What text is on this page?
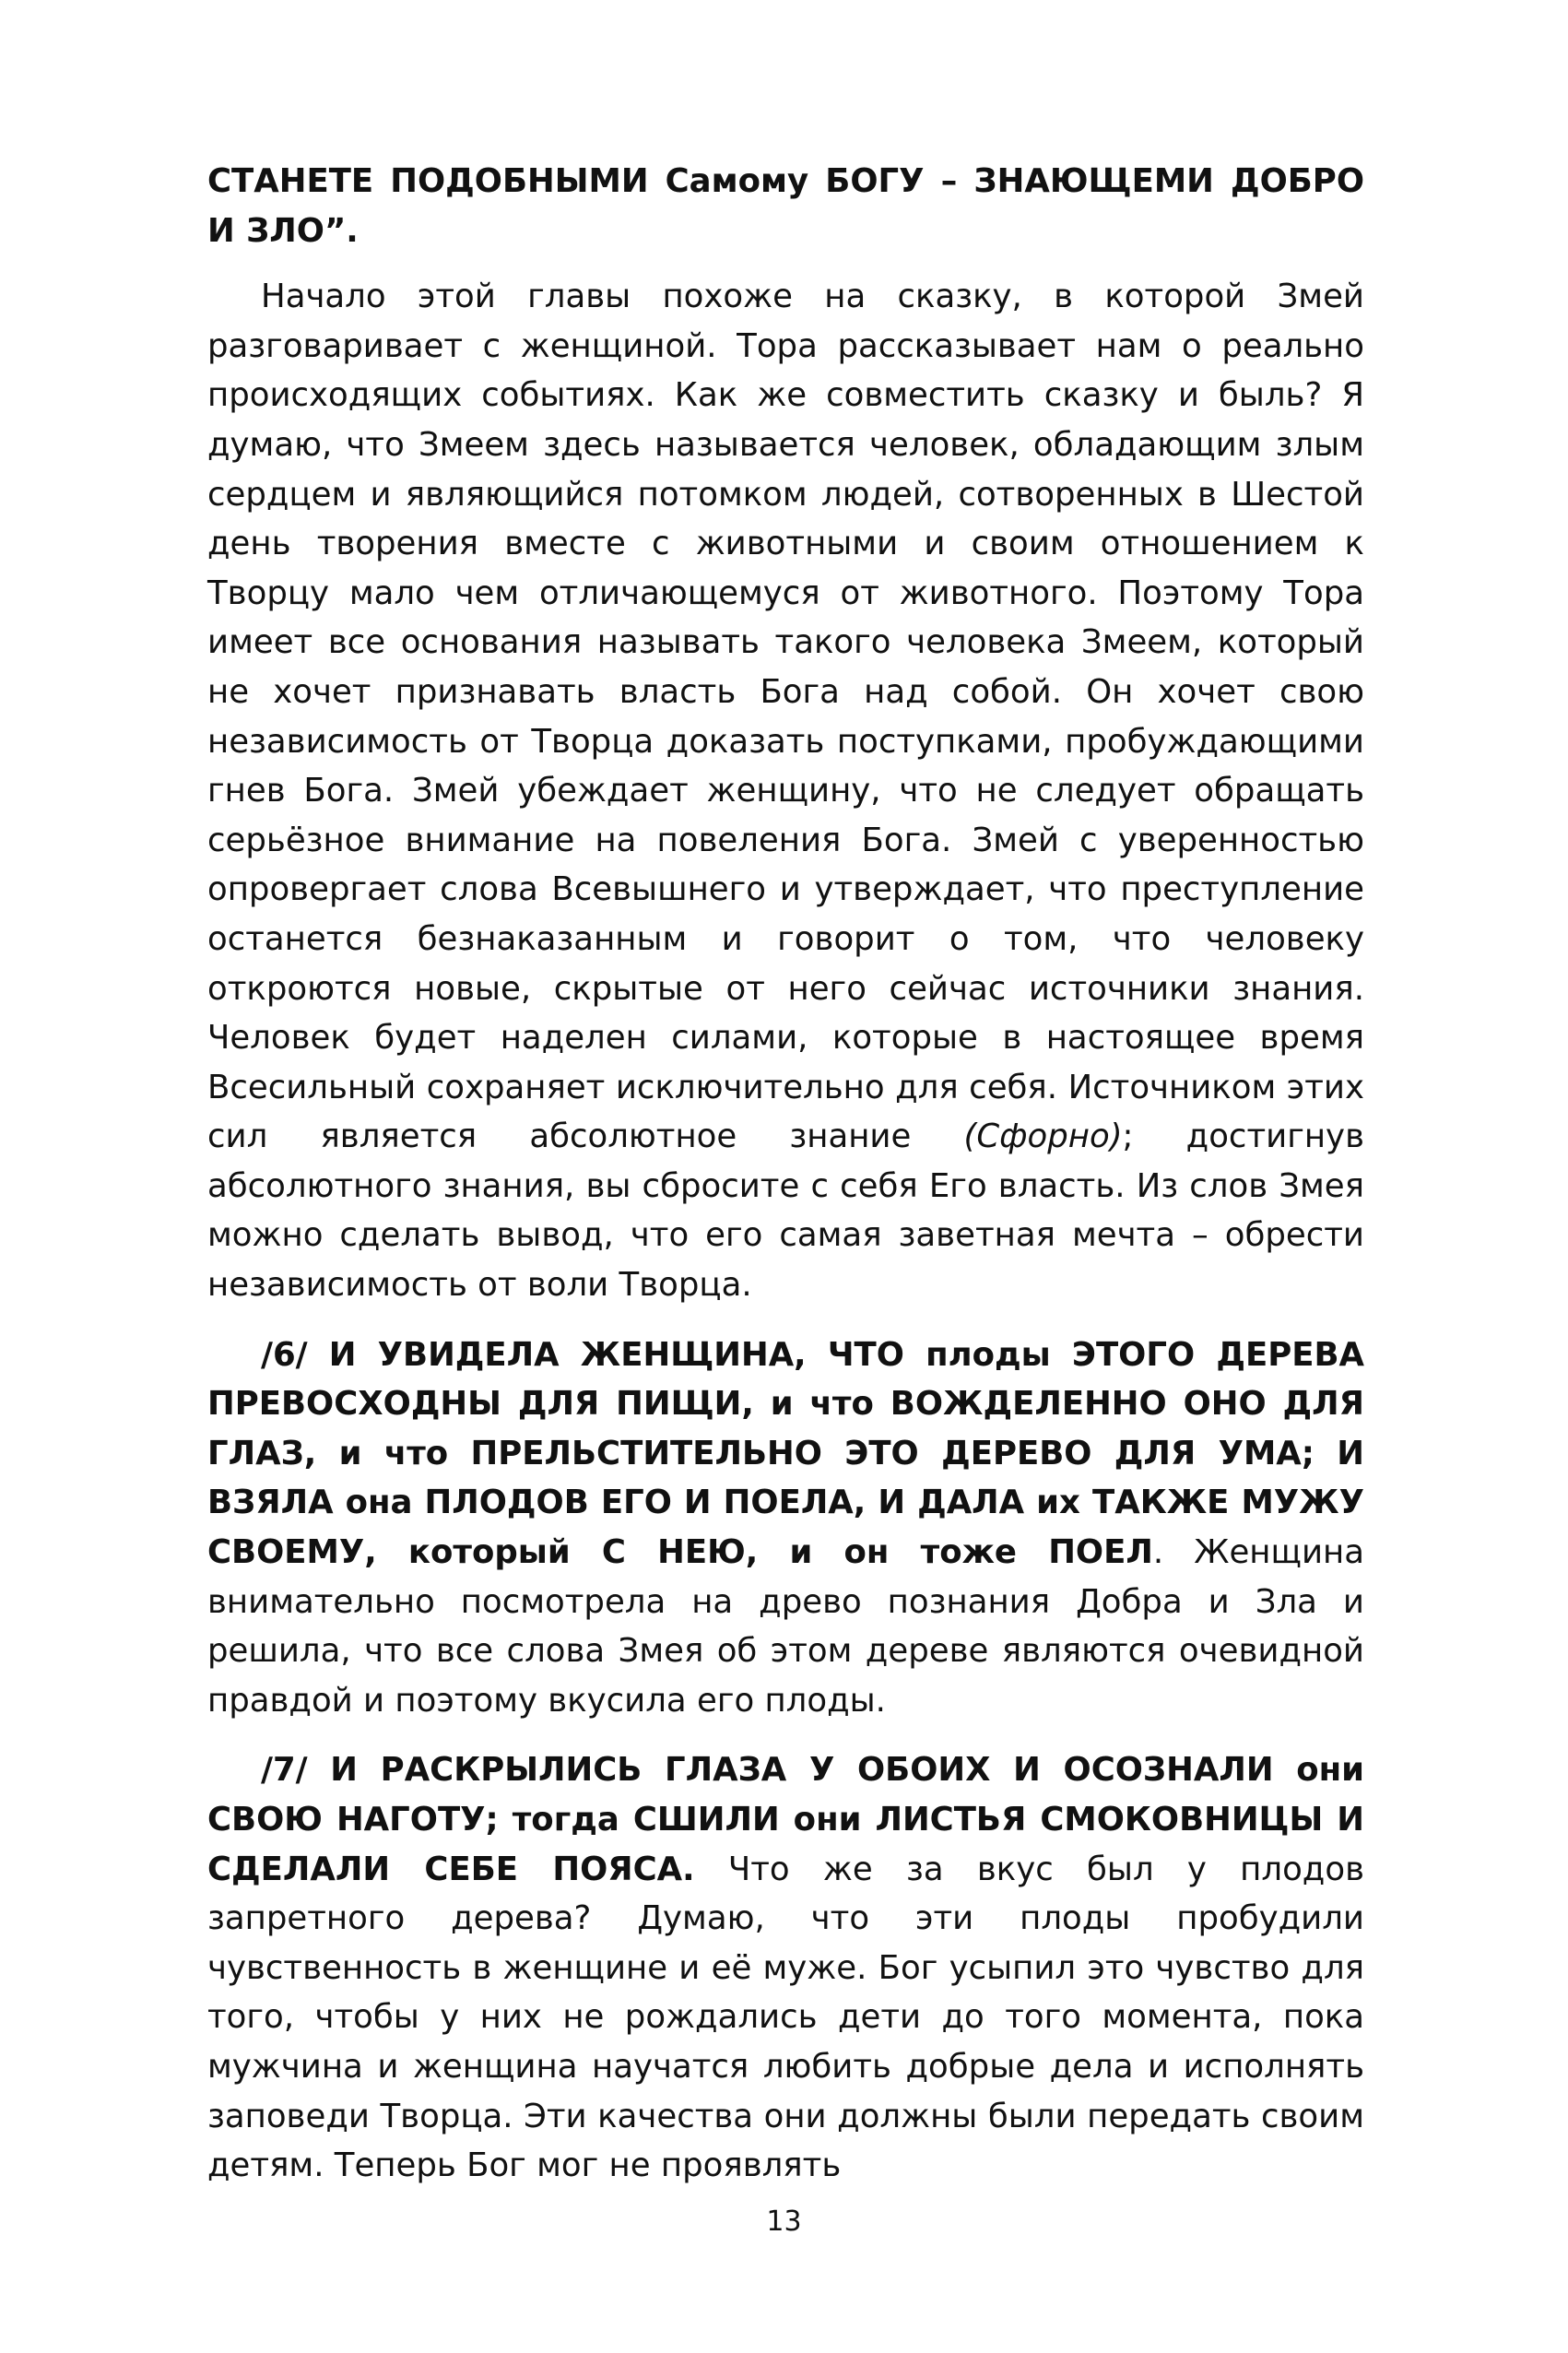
СТАНЕТЕ ПОДОБНЫМИ Самому БОГУ – ЗНАЮЩЕМИ ДОБРО И ЗЛО”.

Начало этой главы похоже на сказку, в которой Змей разговаривает с женщиной. Тора рассказывает нам о реально происходящих событиях. Как же совместить сказку и быль? Я думаю, что Змеем здесь называется человек, обладающим злым сердцем и являющийся потомком людей, сотворенных в Шестой день творения вместе с животными и своим отношением к Творцу мало чем отличающемуся от животного. Поэтому Тора имеет все основания называть такого человека Змеем, который не хочет признавать власть Бога над собой. Он хочет свою независимость от Творца доказать поступками, пробуждающими гнев Бога. Змей убеждает женщину, что не следует обращать серьёзное внимание на повеления Бога. Змей с уверенностью опровергает слова Всевышнего и утверждает, что преступление останется безнаказанным и говорит о том, что человеку откроются новые, скрытые от него сейчас источники знания. Человек будет наделен силами, которые в настоящее время Всесильный сохраняет исключительно для себя. Источником этих сил является абсолютное знание (Сфорно); достигнув абсолютного знания, вы сбросите с себя Его власть. Из слов Змея можно сделать вывод, что его самая заветная мечта – обрести независимость от воли Творца.

/6/ И УВИДЕЛА ЖЕНЩИНА, ЧТО плоды ЭТОГО ДЕРЕВА ПРЕВОСХОДНЫ ДЛЯ ПИЩИ, и что ВОЖДЕЛЕННО ОНО ДЛЯ ГЛАЗ, и что ПРЕЛЬСТИТЕЛЬНО ЭТО ДЕРЕВО ДЛЯ УМА; И ВЗЯЛА она ПЛОДОВ ЕГО И ПОЕЛА, И ДАЛА их ТАКЖЕ МУЖУ СВОЕМУ, который С НЕЮ, и он тоже ПОЕЛ. Женщина внимательно посмотрела на древо познания Добра и Зла и решила, что все слова Змея об этом дереве являются очевидной правдой и поэтому вкусила его плоды.

/7/ И РАСКРЫЛИСЬ ГЛАЗА У ОБОИХ И ОСОЗНАЛИ они СВОЮ НАГОТУ; тогда СШИЛИ они ЛИСТЬЯ СМОКОВНИЦЫ И СДЕЛАЛИ СЕБЕ ПОЯСА. Что же за вкус был у плодов запретного дерева? Думаю, что эти плоды пробудили чувственность в женщине и её муже. Бог усыпил это чувство для того, чтобы у них не рождались дети до того момента, пока мужчина и женщина научатся любить добрые дела и исполнять заповеди Творца. Эти качества они должны были передать своим детям. Теперь Бог мог не проявлять

13
